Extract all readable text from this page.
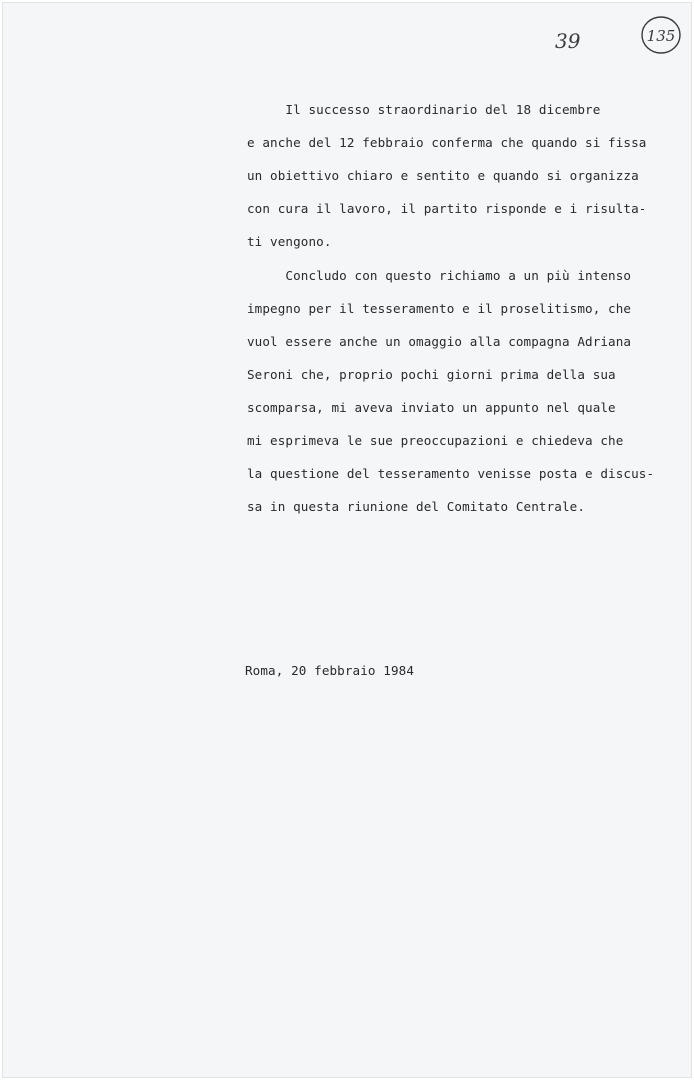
39	135
Il successo straordinario del 18 dicembre
e anche del 12 febbraio conferma che quando si fissa
un obiettivo chiaro e sentito e quando si organizza
con cura il lavoro, il partito risponde e i risulta-
ti vengono.
Concludo con questo richiamo a un più intenso
impegno per il tesseramento e il proselitismo, che
vuol essere anche un omaggio alla compagna Adriana
Seroni che, proprio pochi giorni prima della sua
scomparsa, mi aveva inviato un appunto nel quale
mi esprimeva le sue preoccupazioni e chiedeva che
la questione del tesseramento venisse posta e discus-
sa in questa riunione del Comitato Centrale.
Roma, 20 febbraio 1984
